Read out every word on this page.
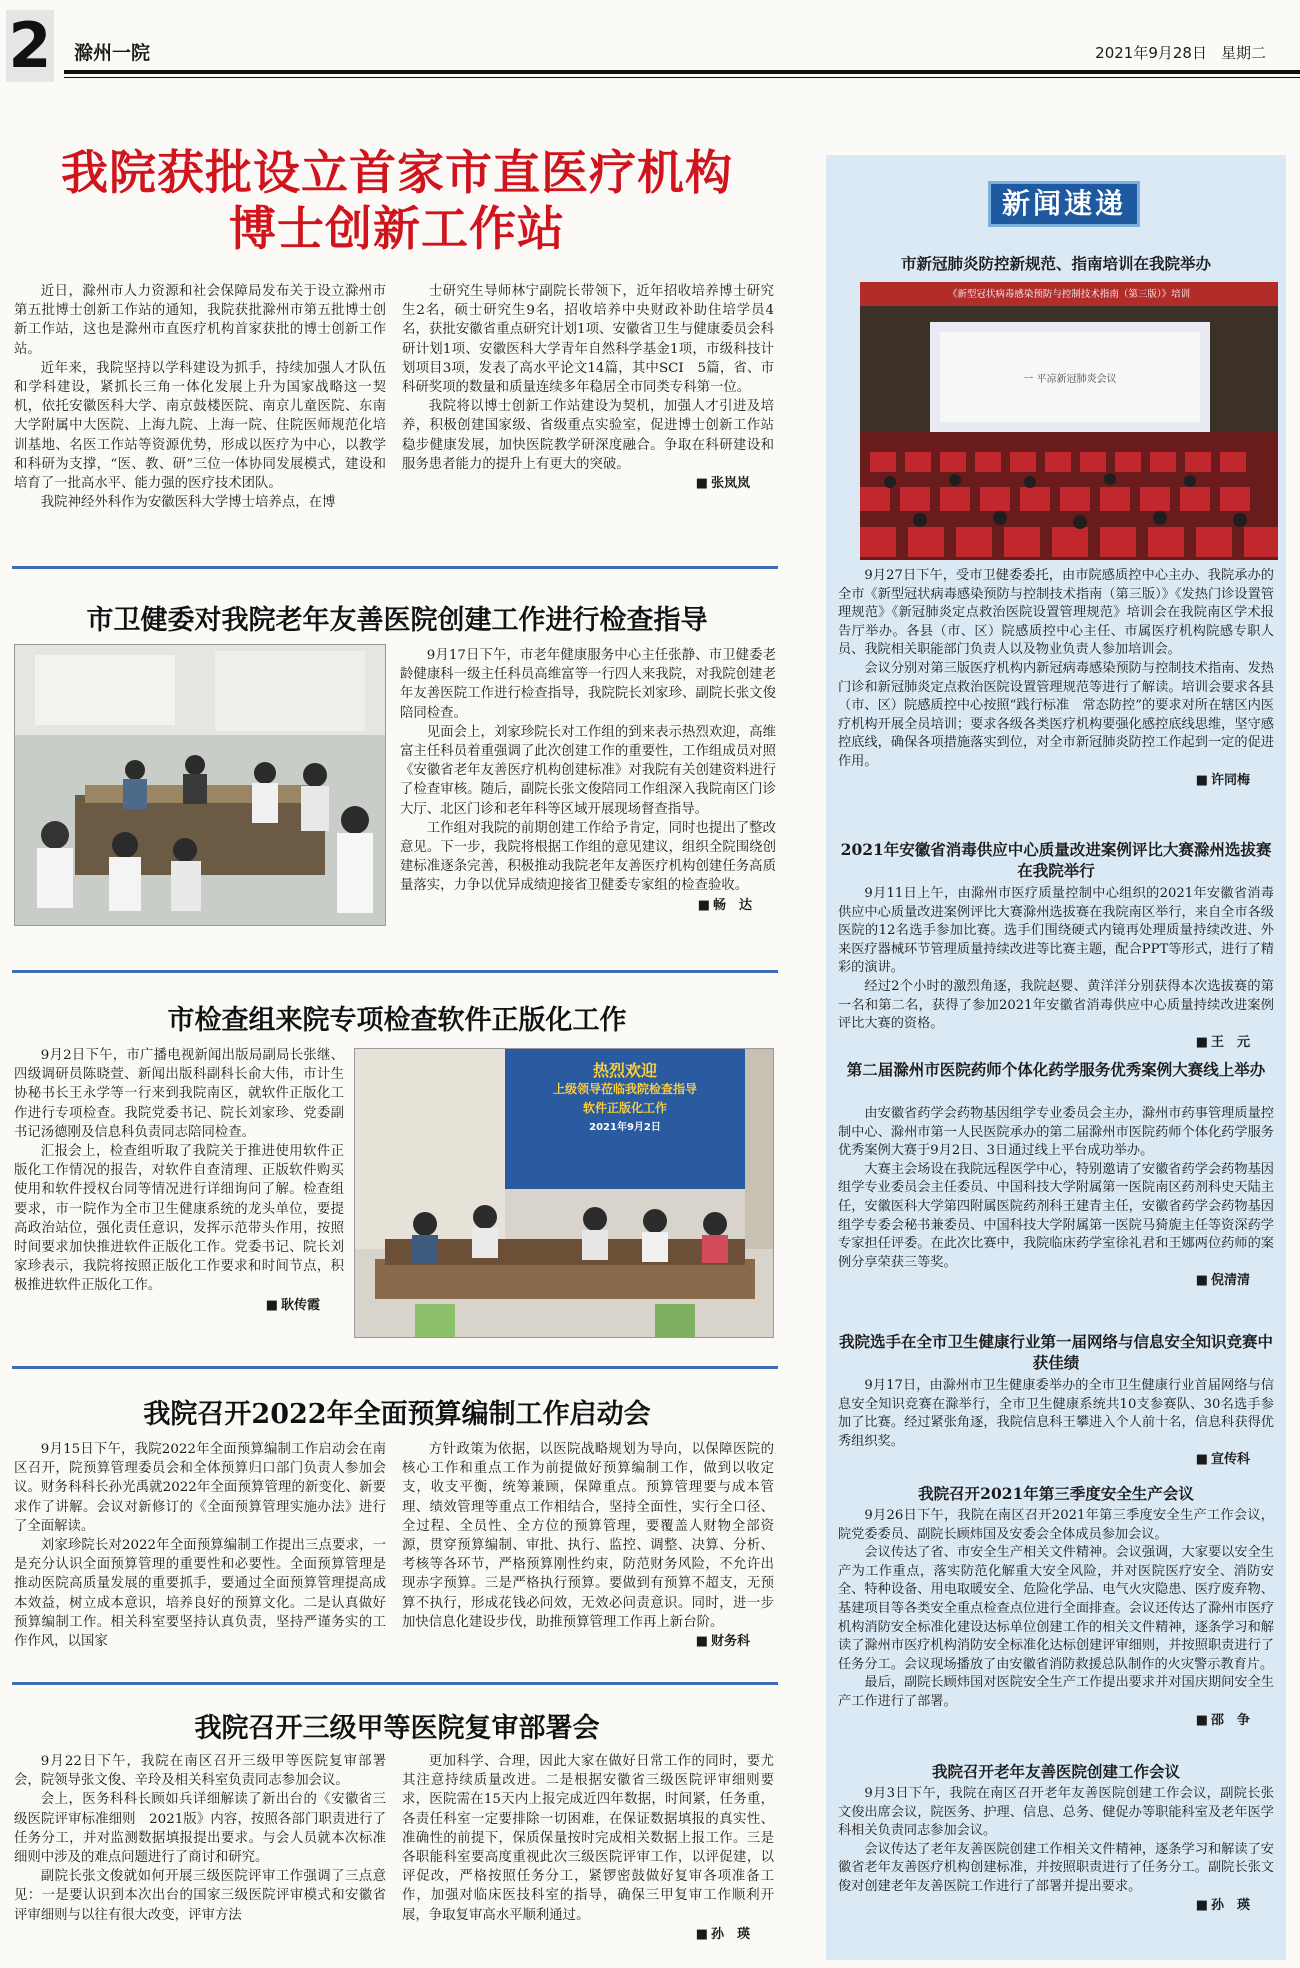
2 滁州一院	2021年9月28日 星期二
我院获批设立首家市直医疗机构
博士创新工作站

近日，滁州市人力资源和社会保障局发布关于设立滁州市第五批博士创新工作站的通知，我院获批滁州市第五批博士创新工作站，这也是滁州市直医疗机构首家获批的博士创新工作站。

近年来，我院坚持以学科建设为抓手，持续加强人才队伍和学科建设，紧抓长三角一体化发展上升为国家战略这一契机，依托安徽医科大学、南京鼓楼医院、南京儿童医院、东南大学附属中大医院、上海九院、上海一院、住院医师规范化培训基地、名医工作站等资源优势，形成以医疗为中心，以教学和科研为支撑，“医、教、研”三位一体协同发展模式，建设和培育了一批高水平、能力强的医疗技术团队。

我院神经外科作为安徽医科大学博士培养点，在博

士研究生导师林宁副院长带领下，近年招收培养博士研究生2名，硕士研究生9名，招收培养中央财政补助住培学员4名，获批安徽省重点研究计划1项、安徽省卫生与健康委员会科研计划1项、安徽医科大学青年自然科学基金1项，市级科技计划项目3项，发表了高水平论文14篇，其中SCI　5篇，省、市科研奖项的数量和质量连续多年稳居全市同类专科第一位。

我院将以博士创新工作站建设为契机，加强人才引进及培养，积极创建国家级、省级重点实验室，促进博士创新工作站稳步健康发展，加快医院教学研深度融合。争取在科研建设和服务患者能力的提升上有更大的突破。

■ 张岚岚
市卫健委对我院老年友善医院创建工作进行检查指导

9月17日下午，市老年健康服务中心主任张静、市卫健委老龄健康科一级主任科员高维富等一行四人来我院，对我院创建老年友善医院工作进行检查指导，我院院长刘家珍、副院长张文俊陪同检查。

见面会上，刘家珍院长对工作组的到来表示热烈欢迎，高维富主任科员着重强调了此次创建工作的重要性，工作组成员对照《安徽省老年友善医疗机构创建标准》对我院有关创建资料进行了检查审核。随后，副院长张文俊陪同工作组深入我院南区门诊大厅、北区门诊和老年科等区域开展现场督查指导。

工作组对我院的前期创建工作给予肯定，同时也提出了整改意见。下一步，我院将根据工作组的意见建议，组织全院围绕创建标准逐条完善，积极推动我院老年友善医疗机构创建任务高质量落实，力争以优异成绩迎接省卫健委专家组的检查验收。

■ 畅　达
市检查组来院专项检查软件正版化工作

9月2日下午，市广播电视新闻出版局副局长张继、四级调研员陈晓萱、新闻出版科副科长俞大伟，市计生协秘书长王永学等一行来到我院南区，就软件正版化工作进行专项检查。我院党委书记、院长刘家珍、党委副书记汤德刚及信息科负责同志陪同检查。

汇报会上，检查组听取了我院关于推进使用软件正版化工作情况的报告，对软件自查清理、正版软件购买使用和软件授权台同等情况进行详细询问了解。检查组要求，市一院作为全市卫生健康系统的龙头单位，要提高政治站位，强化责任意识，发挥示范带头作用，按照时间要求加快推进软件正版化工作。党委书记、院长刘家珍表示，我院将按照正版化工作要求和时间节点，积极推进软件正版化工作。

■ 耿传霞
热烈欢迎
上级领导莅临我院检查指导
软件正版化工作
2021年9月2日
我院召开2022年全面预算编制工作启动会

9月15日下午，我院2022年全面预算编制工作启动会在南区召开，院预算管理委员会和全体预算归口部门负责人参加会议。财务科科长孙光禹就2022年全面预算管理的新变化、新要求作了讲解。会议对新修订的《全面预算管理实施办法》进行了全面解读。

刘家珍院长对2022年全面预算编制工作提出三点要求，一是充分认识全面预算管理的重要性和必要性。全面预算管理是推动医院高质量发展的重要抓手，要通过全面预算管理提高成本效益，树立成本意识，培养良好的预算文化。二是认真做好预算编制工作。相关科室要坚持认真负责，坚持严谨务实的工作作风，以国家

方针政策为依据，以医院战略规划为导向，以保障医院的核心工作和重点工作为前提做好预算编制工作，做到以收定支，收支平衡，统筹兼顾，保障重点。预算管理要与成本管理、绩效管理等重点工作相结合，坚持全面性，实行全口径、全过程、全员性、全方位的预算管理，要覆盖人财物全部资源，贯穿预算编制、审批、执行、监控、调整、决算、分析、考核等各环节，严格预算刚性约束，防范财务风险，不允许出现赤字预算。三是严格执行预算。要做到有预算不超支，无预算不执行，形成花钱必问效，无效必问责意识。同时，进一步加快信息化建设步伐，助推预算管理工作再上新台阶。

■ 财务科
我院召开三级甲等医院复审部署会

9月22日下午，我院在南区召开三级甲等医院复审部署会，院领导张文俊、辛玲及相关科室负责同志参加会议。

会上，医务科科长顾如兵详细解读了新出台的《安徽省三级医院评审标准细则　2021版》内容，按照各部门职责进行了任务分工，并对监测数据填报提出要求。与会人员就本次标准细则中涉及的难点问题进行了商讨和研究。

副院长张文俊就如何开展三级医院评审工作强调了三点意见：一是要认识到本次出台的国家三级医院评审模式和安徽省评审细则与以往有很大改变，评审方法

更加科学、合理，因此大家在做好日常工作的同时，要尤其注意持续质量改进。二是根据安徽省三级医院评审细则要求，医院需在15天内上报完成近四年数据，时间紧，任务重，各责任科室一定要排除一切困难，在保证数据填报的真实性、准确性的前提下，保质保量按时完成相关数据上报工作。三是各职能科室要高度重视此次三级医院评审工作，以评促建，以评促改，严格按照任务分工，紧锣密鼓做好复审各项准备工作，加强对临床医技科室的指导，确保三甲复审工作顺利开展，争取复审高水平顺利通过。

■ 孙　瑛
新闻速递
市新冠肺炎防控新规范、指南培训在我院举办
《新型冠状病毒感染预防与控制技术指南（第三版）》培训
一 平凉新冠肺炎会议

9月27日下午，受市卫健委委托，由市院感质控中心主办、我院承办的全市《新型冠状病毒感染预防与控制技术指南（第三版）》《发热门诊设置管理规范》《新冠肺炎定点救治医院设置管理规范》培训会在我院南区学术报告厅举办。各县（市、区）院感质控中心主任、市属医疗机构院感专职人员、我院相关职能部门负责人以及物业负责人参加培训会。

会议分别对第三版医疗机构内新冠病毒感染预防与控制技术指南、发热门诊和新冠肺炎定点救治医院设置管理规范等进行了解读。培训会要求各县（市、区）院感质控中心按照“践行标准　常态防控”的要求对所在辖区内医疗机构开展全员培训；要求各级各类医疗机构要强化感控底线思维，坚守感控底线，确保各项措施落实到位，对全市新冠肺炎防控工作起到一定的促进作用。

■ 许同梅
2021年安徽省消毒供应中心质量改进案例评比大赛滁州选拔赛在我院举行

9月11日上午，由滁州市医疗质量控制中心组织的2021年安徽省消毒供应中心质量改进案例评比大赛滁州选拔赛在我院南区举行，来自全市各级医院的12名选手参加比赛。选手们围绕硬式内镜再处理质量持续改进、外来医疗器械环节管理质量持续改进等比赛主题，配合PPT等形式，进行了精彩的演讲。

经过2个小时的激烈角逐，我院赵婴、黄洋洋分别获得本次选拔赛的第一名和第二名，获得了参加2021年安徽省消毒供应中心质量持续改进案例评比大赛的资格。

■ 王　元
第二届滁州市医院药师个体化药学服务优秀案例大赛线上举办

由安徽省药学会药物基因组学专业委员会主办，滁州市药事管理质量控制中心、滁州市第一人民医院承办的第二届滁州市医院药师个体化药学服务优秀案例大赛于9月2日、3日通过线上平台成功举办。

大赛主会场设在我院远程医学中心，特别邀请了安徽省药学会药物基因组学专业委员会主任委员、中国科技大学附属第一医院南区药剂科史天陆主任，安徽医科大学第四附属医院药剂科王建青主任，安徽省药学会药物基因组学专委会秘书兼委员、中国科技大学附属第一医院马猗旎主任等资深药学专家担任评委。在此次比赛中，我院临床药学室徐礼君和王娜两位药师的案例分享荣获三等奖。

■ 倪清清
我院选手在全市卫生健康行业第一届网络与信息安全知识竞赛中获佳绩

9月17日，由滁州市卫生健康委举办的全市卫生健康行业首届网络与信息安全知识竞赛在滁举行，全市卫生健康系统共10支参赛队、30名选手参加了比赛。经过紧张角逐，我院信息科王攀进入个人前十名，信息科获得优秀组织奖。

■ 宣传科
我院召开2021年第三季度安全生产会议

9月26日下午，我院在南区召开2021年第三季度安全生产工作会议，院党委委员、副院长顾炜国及安委会全体成员参加会议。

会议传达了省、市安全生产相关文件精神。会议强调，大家要以安全生产为工作重点，落实防范化解重大安全风险，并对医院医疗安全、消防安全、特种设备、用电取暖安全、危险化学品、电气火灾隐患、医疗废弃物、基建项目等各类安全重点检查点位进行全面排查。会议还传达了滁州市医疗机构消防安全标准化建设达标单位创建工作的相关文件精神，逐条学习和解读了滁州市医疗机构消防安全标准化达标创建评审细则，并按照职责进行了任务分工。会议现场播放了由安徽省消防救援总队制作的火灾警示教育片。

最后，副院长顾炜国对医院安全生产工作提出要求并对国庆期间安全生产工作进行了部署。

■ 邵　争
我院召开老年友善医院创建工作会议

9月3日下午，我院在南区召开老年友善医院创建工作会议，副院长张文俊出席会议，院医务、护理、信息、总务、健促办等职能科室及老年医学科相关负责同志参加会议。

会议传达了老年友善医院创建工作相关文件精神，逐条学习和解读了安徽省老年友善医疗机构创建标准，并按照职责进行了任务分工。副院长张文俊对创建老年友善医院工作进行了部署并提出要求。

■ 孙　瑛
